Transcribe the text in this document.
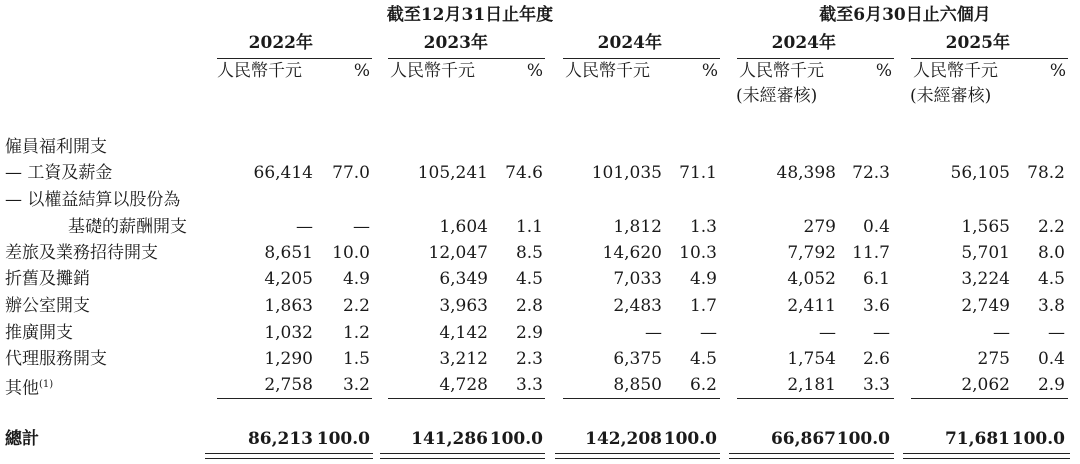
截至12月31日止年度	截至6月30日止六個月
2022年	2023年	2024年	2024年	2025年
人民幣千元	% 人民幣千元	% 人民幣千元	% 人民幣千元	% 人民幣千元	%
(未經審核)	(未經審核)
僱員福利開支
— 工資及薪金	66,414	77.0	105,241	74.6	101,035	71.1	48,398 72.3	56,105	78.2
— 以權益結算以股份為
基礎的薪酬開支	—	—	1,604	1.1	1,812	1.3	279	0.4	1,565	2.2
差旅及業務招待開支	8,651	10.0	12,047	8.5	14,620	10.3	7,792 11.7	5,701	8.0
折舊及攤銷	4,205	4.9	6,349	4.5	7,033	4.9	4,052	6.1	3,224	4.5
辦公室開支	1,863	2.2	3,963	2.8	2,483	1.7	2,411	3.6	2,749	3.8
推廣開支	1,032	1.2	4,142	2.9	—	—	—	—	—	—
代理服務開支	1,290	1.5	3,212	2.3	6,375	4.5	1,754	2.6	275	0.4
其他$^{(1)}$	2,758	3.2	4,728	3.3	8,850	6.2	2,181	3.3	2,062	2.9
總計	86,213 100.0	141,286 100.0	142,208 100.0	66,867 100.0	71,681 100.0
